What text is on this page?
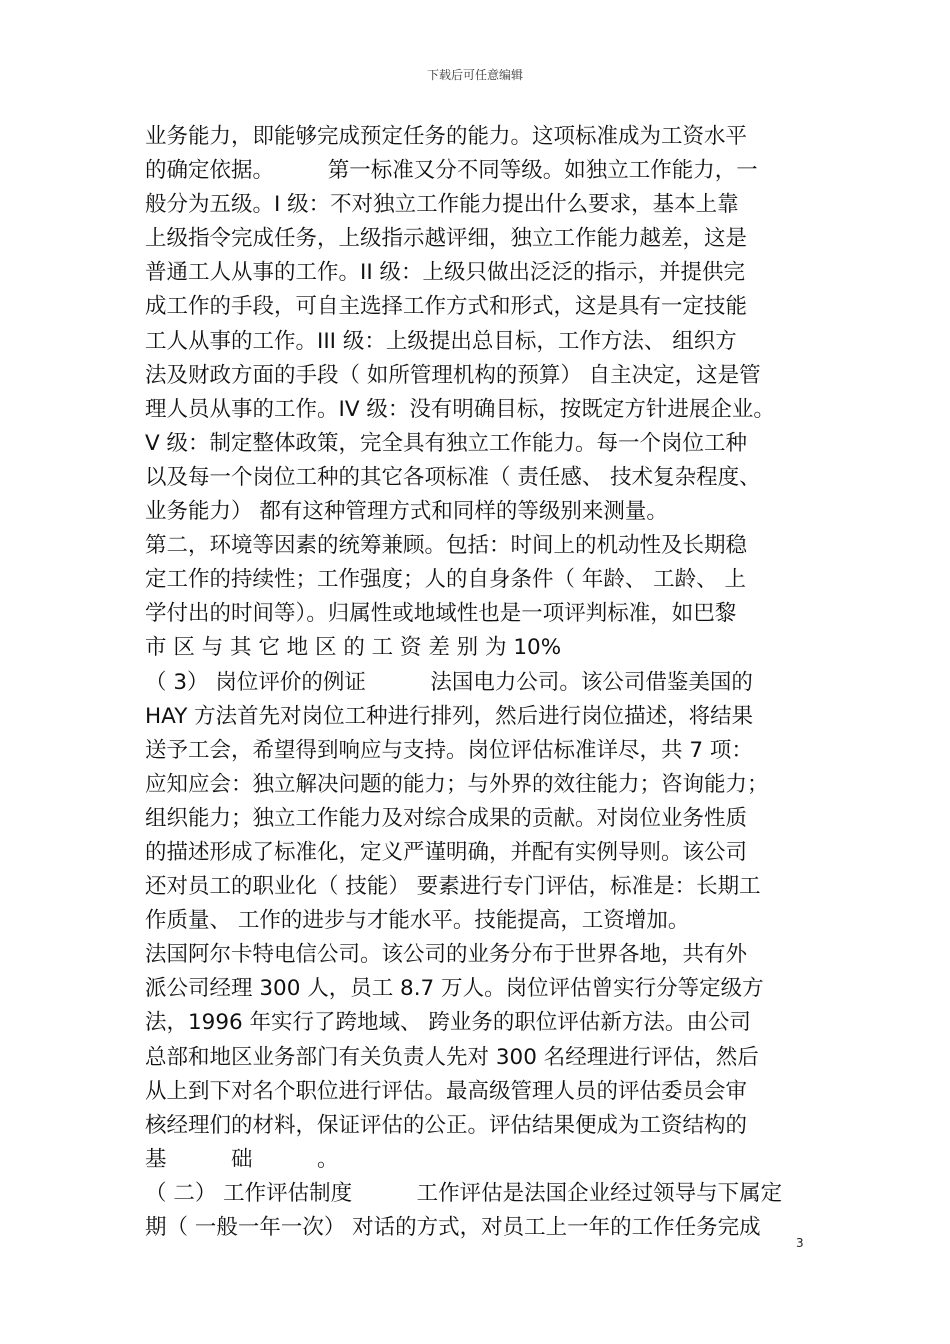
下载后可任意编辑
业务能力，即能够完成预定任务的能力。这项标准成为工资水平
的确定依据。　　　第一标准又分不同等级。如独立工作能力，一
般分为五级。I 级：不对独立工作能力提出什么要求，基本上靠
上级指令完成任务，上级指示越评细，独立工作能力越差，这是
普通工人从事的工作。II 级：上级只做出泛泛的指示，并提供完
成工作的手段，可自主选择工作方式和形式，这是具有一定技能
工人从事的工作。III 级：上级提出总目标，工作方法、 组织方
法及财政方面的手段（ 如所管理机构的预算） 自主决定，这是管
理人员从事的工作。IV 级：没有明确目标，按既定方针进展企业。
V 级：制定整体政策，完全具有独立工作能力。每一个岗位工种
以及每一个岗位工种的其它各项标准（ 责任感、 技术复杂程度、
业务能力） 都有这种管理方式和同样的等级别来测量。
第二，环境等因素的统筹兼顾。包括：时间上的机动性及长期稳
定工作的持续性；工作强度；人的自身条件（ 年龄、 工龄、 上
学付出的时间等）。归属性或地域性也是一项评判标准，如巴黎
市 区 与 其 它 地 区 的 工 资 差 别 为 10%
（ 3） 岗位评价的例证　　　法国电力公司。该公司借鉴美国的
HAY 方法首先对岗位工种进行排列，然后进行岗位描述，将结果
送予工会，希望得到响应与支持。岗位评估标准详尽，共 7 项：
应知应会：独立解决问题的能力；与外界的效往能力；咨询能力；
组织能力；独立工作能力及对综合成果的贡献。对岗位业务性质
的描述形成了标准化，定义严谨明确，并配有实例导则。该公司
还对员工的职业化（ 技能） 要素进行专门评估，标准是：长期工
作质量、 工作的进步与才能水平。技能提高，工资增加。
法国阿尔卡特电信公司。该公司的业务分布于世界各地，共有外
派公司经理 300 人，员工 8.7 万人。岗位评估曾实行分等定级方
法，1996 年实行了跨地域、 跨业务的职位评估新方法。由公司
总部和地区业务部门有关负责人先对 300 名经理进行评估，然后
从上到下对名个职位进行评估。最高级管理人员的评估委员会审
核经理们的材料，保证评估的公正。评估结果便成为工资结构的
基　　　础　　　。
（ 二） 工作评估制度　　　工作评估是法国企业经过领导与下属定
期（ 一般一年一次） 对话的方式，对员工上一年的工作任务完成
3
